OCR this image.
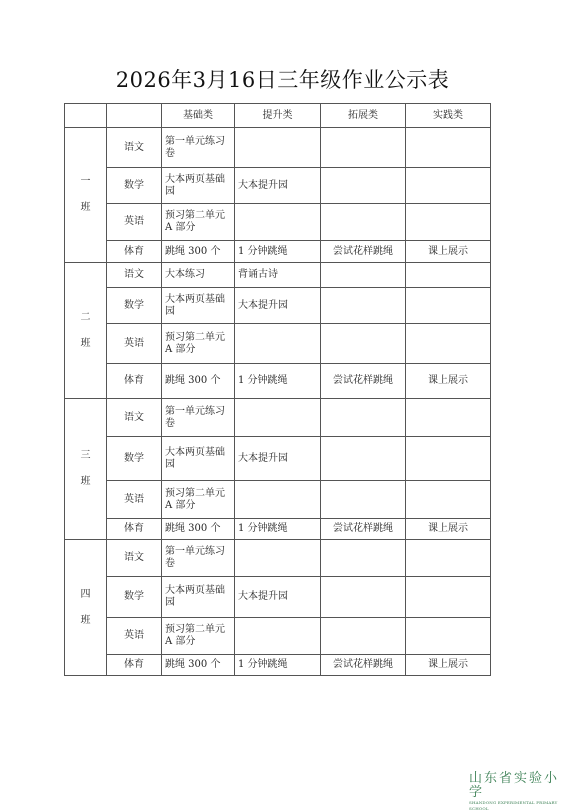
2026年3月16日三年级作业公示表
		基础类	提升类	拓展类	实践类
一班	语文	第一单元练习卷			
	数学	大本两页基础园	大本提升园		
	英语	预习第二单元 A 部分			
	体育	跳绳 300 个	1 分钟跳绳	尝试花样跳绳	课上展示
二班	语文	大本练习	背诵古诗		
	数学	大本两页基础园	大本提升园		
	英语	预习第二单元 A 部分			
	体育	跳绳 300 个	1 分钟跳绳	尝试花样跳绳	课上展示
三班	语文	第一单元练习卷			
	数学	大本两页基础园	大本提升园		
	英语	预习第二单元 A 部分			
	体育	跳绳 300 个	1 分钟跳绳	尝试花样跳绳	课上展示
四班	语文	第一单元练习卷			
	数学	大本两页基础园	大本提升园		
	英语	预习第二单元 A 部分			
	体育	跳绳 300 个	1 分钟跳绳	尝试花样跳绳	课上展示
山东省实验小学
SHANDONG EXPERIMENTAL PRIMARY SCHOOL
